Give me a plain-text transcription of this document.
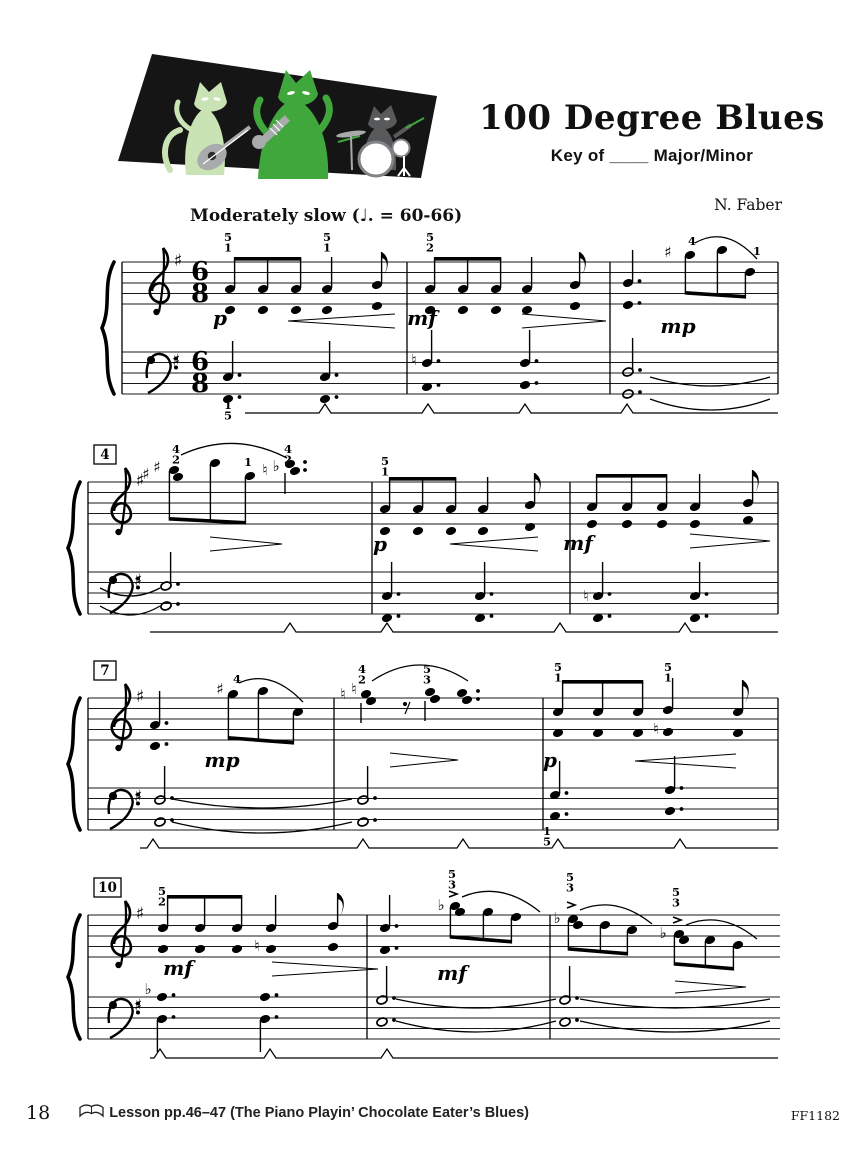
100 Degree Blues
Key of ____ Major/Minor
N. Faber
Moderately slow (♩. = 60-66)
♯
♯
6
8
6
8
♮
♯
p	mf	mp
5
1
5
1
5
2	4
1
1
5
♯
♯
♯ ♯	♮ ♭
♮
p	mf
4
2	1
4
2	5
1
4
♯
♯
♯	♮ ♮
♮
mp	p
4
4
2
5
3
5
1
5
1
1
5
7
♯
♯
♮
♭
♭
♭
♭
mf	mf
5
2
5
3
5
3	5
3
10
18	Lesson pp.46–47 (The Piano Playin’ Chocolate Eater’s Blues)	FF1182
